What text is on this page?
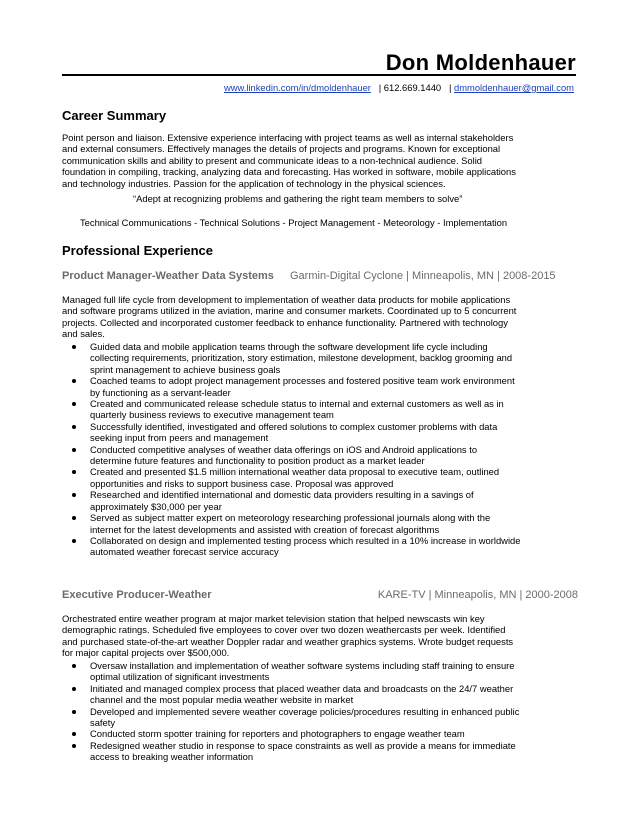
Don Moldenhauer
www.linkedin.com/in/dmoldenhauer   | 612.669.1440   | dmmoldenhauer@gmail.com
Career Summary
Point person and liaison. Extensive experience interfacing with project teams as well as internal stakeholders
and external consumers. Effectively manages the details of projects and programs. Known for exceptional
communication skills and ability to present and communicate ideas to a non-technical audience. Solid
foundation in compiling, tracking, analyzing data and forecasting. Has worked in software, mobile applications
and technology industries. Passion for the application of technology in the physical sciences.
“Adept at recognizing problems and gathering the right team members to solve”
Technical Communications - Technical Solutions - Project Management - Meteorology - Implementation
Professional Experience
Product Manager-Weather Data Systems Garmin-Digital Cyclone | Minneapolis, MN | 2008-2015
Managed full life cycle from development to implementation of weather data products for mobile applications
and software programs utilized in the aviation, marine and consumer markets. Coordinated up to 5 concurrent
projects. Collected and incorporated customer feedback to enhance functionality. Partnered with technology
and sales.
Guided data and mobile application teams through the software development life cycle including
collecting requirements, prioritization, story estimation, milestone development, backlog grooming and
sprint management to achieve business goals
Coached teams to adopt project management processes and fostered positive team work environment
by functioning as a servant-leader
Created and communicated release schedule status to internal and external customers as well as in
quarterly business reviews to executive management team
Successfully identified, investigated and offered solutions to complex customer problems with data
seeking input from peers and management
Conducted competitive analyses of weather data offerings on iOS and Android applications to
determine future features and functionality to position product as a market leader
Created and presented $1.5 million international weather data proposal to executive team, outlined
opportunities and risks to support business case. Proposal was approved
Researched and identified international and domestic data providers resulting in a savings of
approximately $30,000 per year
Served as subject matter expert on meteorology researching professional journals along with the
internet for the latest developments and assisted with creation of forecast algorithms
Collaborated on design and implemented testing process which resulted in a 10% increase in worldwide
automated weather forecast service accuracy
Executive Producer-Weather	KARE-TV | Minneapolis, MN | 2000-2008
Orchestrated entire weather program at major market television station that helped newscasts win key
demographic ratings. Scheduled five employees to cover over two dozen weathercasts per week. Identified
and purchased state-of-the-art weather Doppler radar and weather graphics systems. Wrote budget requests
for major capital projects over $500,000.
Oversaw installation and implementation of weather software systems including staff training to ensure
optimal utilization of significant investments
Initiated and managed complex process that placed weather data and broadcasts on the 24/7 weather
channel and the most popular media weather website in market
Developed and implemented severe weather coverage policies/procedures resulting in enhanced public
safety
Conducted storm spotter training for reporters and photographers to engage weather team
Redesigned weather studio in response to space constraints as well as provide a means for immediate
access to breaking weather information
